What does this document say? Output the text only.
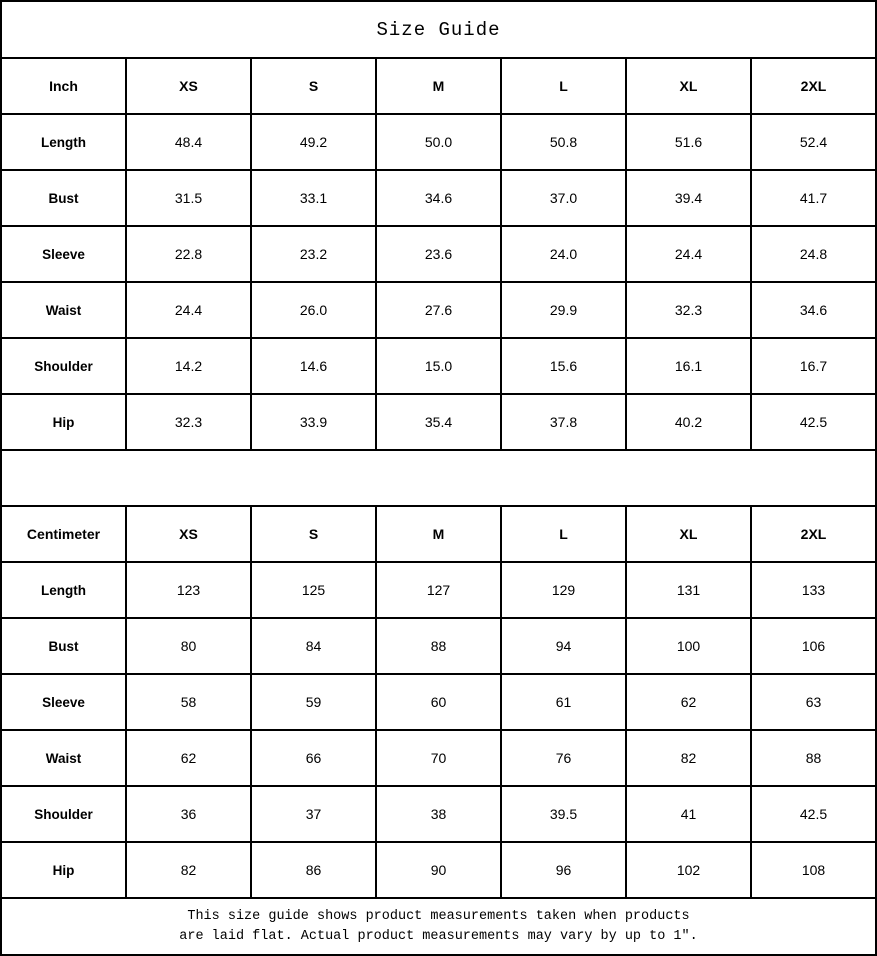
Size Guide						
Inch	XS	S	M	L	XL	2XL
Length	48.4	49.2	50.0	50.8	51.6	52.4
Bust	31.5	33.1	34.6	37.0	39.4	41.7
Sleeve	22.8	23.2	23.6	24.0	24.4	24.8
Waist	24.4	26.0	27.6	29.9	32.3	34.6
Shoulder	14.2	14.6	15.0	15.6	16.1	16.7
Hip	32.3	33.9	35.4	37.8	40.2	42.5

Centimeter	XS	S	M	L	XL	2XL
Length	123	125	127	129	131	133
Bust	80	84	88	94	100	106
Sleeve	58	59	60	61	62	63
Waist	62	66	70	76	82	88
Shoulder	36	37	38	39.5	41	42.5
Hip	82	86	90	96	102	108

This size guide shows product measurements taken when products
are laid flat. Actual product measurements may vary by up to 1″.						
